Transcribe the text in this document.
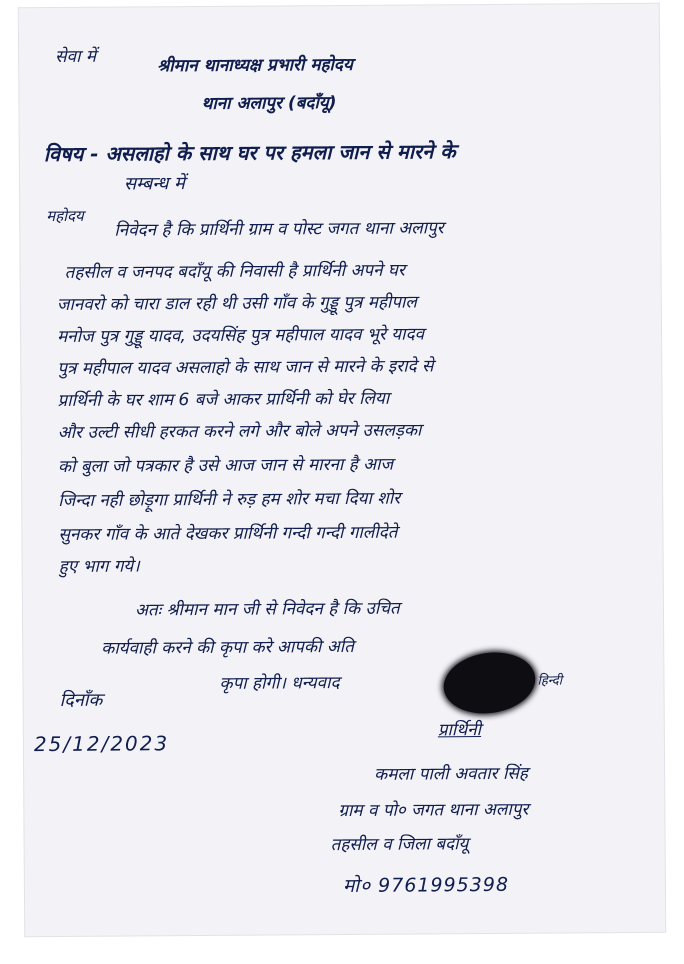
सेवा में	श्रीमान थानाध्यक्ष प्रभारी महोदय
थाना अलापुर (बदाँयू)
विषय - असलाहो के साथ घर पर हमला जान से मारने के
सम्बन्ध में
महोदय
निवेदन है कि प्रार्थिनी ग्राम व पोस्ट जगत थाना अलापुर
तहसील व जनपद बदाँयू की निवासी है प्रार्थिनी अपने घर
जानवरो को चारा डाल रही थी उसी गाँव के गुड्डू पुत्र महीपाल
मनोज पुत्र गुड्डू यादव, उदयसिंह पुत्र महीपाल यादव भूरे यादव
पुत्र महीपाल यादव असलाहो के साथ जान से मारने के इरादे से
प्रार्थिनी के घर शाम 6 बजे आकर प्रार्थिनी को घेर लिया
और उल्टी सीधी हरकत करने लगे और बोले अपने उसलड़का
को बुला जो पत्रकार है उसे आज जान से मारना है आज
जिन्दा नही छोड़ूगा प्रार्थिनी ने रुड़ हम शोर मचा दिया शोर
सुनकर गाँव के आते देखकर प्रार्थिनी गन्दी गन्दी गालीदेते
हुए भाग गये।
अतः श्रीमान मान जी से निवेदन है कि उचित
कार्यवाही करने की कृपा करे आपकी अति
कृपा होगी। धन्यवाद
दिनाँक
25/12/2023
हिन्दी
प्रार्थिनी
कमला पाली अवतार सिंह
ग्राम व पो० जगत थाना अलापुर
तहसील व जिला बदाँयू
मो० 9761995398
